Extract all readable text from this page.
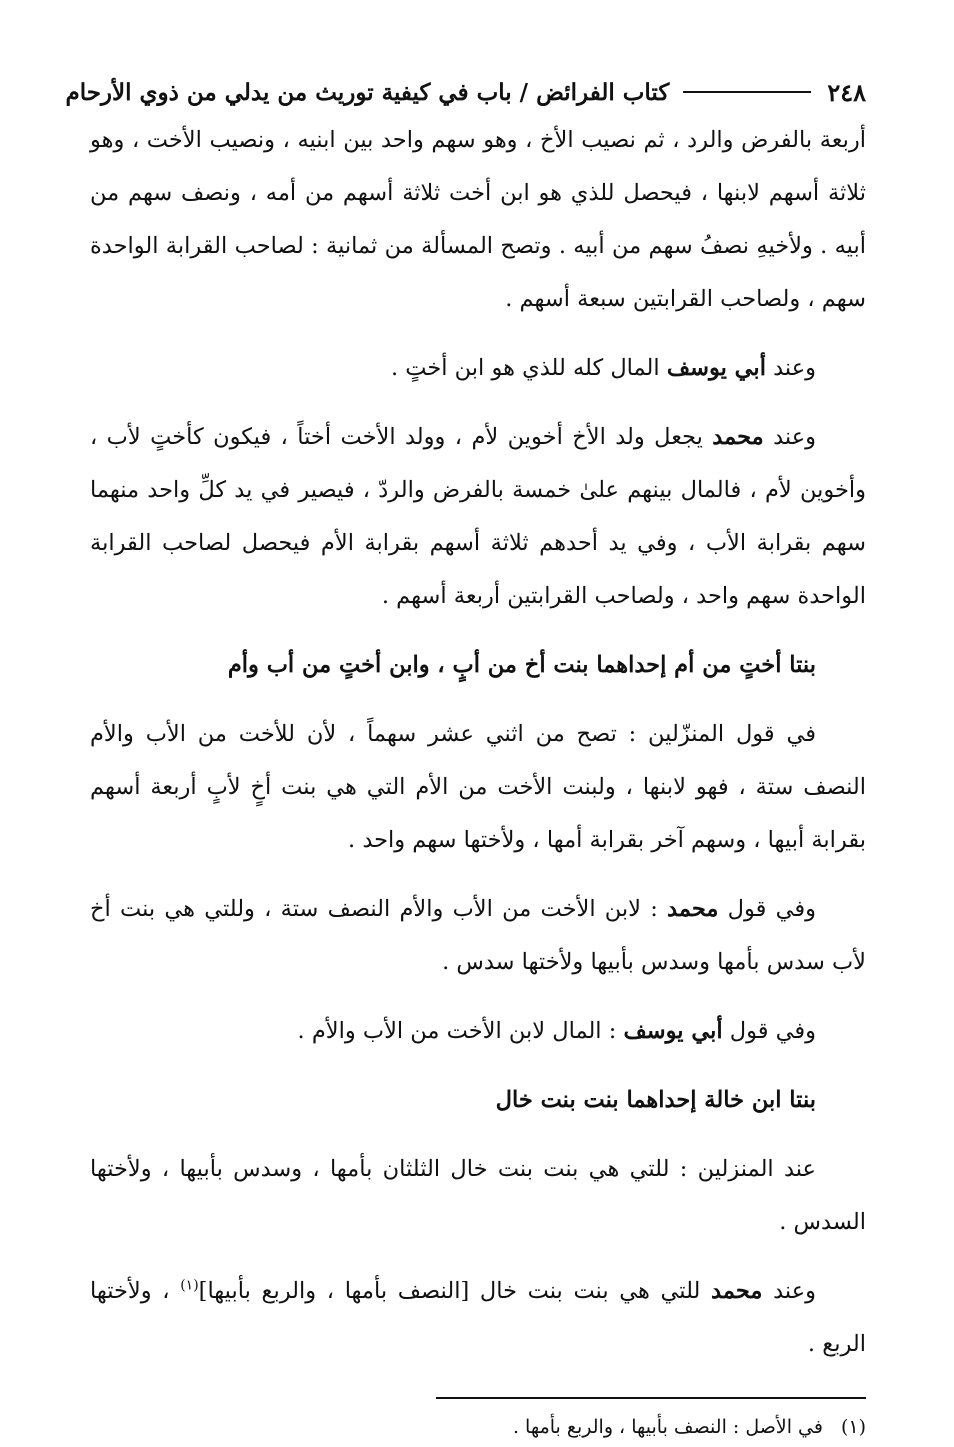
٢٤٨
كتاب الفرائض / باب في كيفية توريث من يدلي من ذوي الأرحام

أربعة بالفرض والرد ، ثم نصيب الأخ ، وهو سهم واحد بين ابنيه ، ونصيب الأخت ، وهو ثلاثة أسهم لابنها ، فيحصل للذي هو ابن أخت ثلاثة أسهم من أمه ، ونصف سهم من أبيه . ولأخيهِ نصفُ سهم من أبيه . وتصح المسألة من ثمانية : لصاحب القرابة الواحدة سهم ، ولصاحب القرابتين سبعة أسهم .

وعند أبي يوسف المال كله للذي هو ابن أختٍ .

وعند محمد يجعل ولد الأخ أخوين لأم ، وولد الأخت أختاً ، فيكون كأختٍ لأب ، وأخوين لأم ، فالمال بينهم علىٰ خمسة بالفرض والردّ ، فيصير في يد كلِّ واحد منهما سهم بقرابة الأب ، وفي يد أحدهم ثلاثة أسهم بقرابة الأم فيحصل لصاحب القرابة الواحدة سهم واحد ، ولصاحب القرابتين أربعة أسهم .

بنتا أختٍ من أم إحداهما بنت أخ من أبٍ ، وابن أختٍ من أب وأم

في قول المنزّلين : تصح من اثني عشر سهماً ، لأن للأخت من الأب والأم النصف ستة ، فهو لابنها ، ولبنت الأخت من الأم التي هي بنت أخٍ لأبٍ أربعة أسهم بقرابة أبيها ، وسهم آخر بقرابة أمها ، ولأختها سهم واحد .

وفي قول محمد : لابن الأخت من الأب والأم النصف ستة ، وللتي هي بنت أخ لأب سدس بأمها وسدس بأبيها ولأختها سدس .

وفي قول أبي يوسف : المال لابن الأخت من الأب والأم .

بنتا ابن خالة إحداهما بنت بنت خال

عند المنزلين : للتي هي بنت بنت خال الثلثان بأمها ، وسدس بأبيها ، ولأختها السدس .

وعند محمد للتي هي بنت بنت خال [النصف بأمها ، والربع بأبيها]$^{(١)}$ ، ولأختها الربع .

(١)في الأصل : النصف بأبيها ، والربع بأمها .
